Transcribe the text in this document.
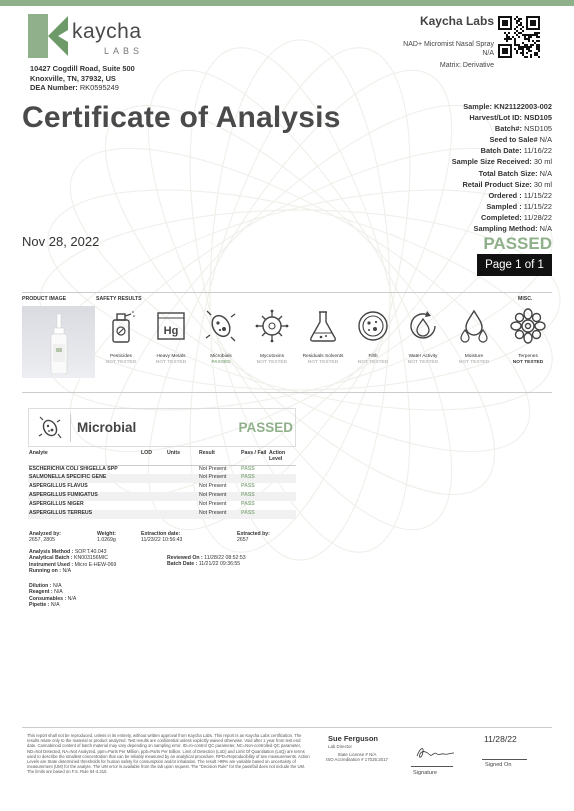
kaycha
LABS
10427 Cogdill Road, Suite 500
Knoxville, TN, 37932, US
DEA Number: RK0595249
Kaycha Labs
NAD+ Micromist Nasal Spray
N/A
Matrix: Derivative
Certificate of Analysis	Sample: KN21122003-002
Harvest/Lot ID: NSD105
Batch#: NSD105
Seed to Sale# N/A
Batch Date: 11/16/22
Sample Size Received: 30 ml
Total Batch Size: N/A
Retail Product Size: 30 ml
Ordered : 11/15/22
Sampled : 11/15/22
Completed: 11/28/22
Sampling Method: N/A
Nov 28, 2022	PASSED
Page 1 of 1
PRODUCT IMAGE	SAFETY RESULTS	MISC.
Pesticides
NOT TESTED
Hg
Heavy Metals
NOT TESTED
Microbials
PASSED
Mycotoxins
NOT TESTED
Residuals Solvents
NOT TESTED
Filth
NOT TESTED
Water Activity
NOT TESTED
Moisture
NOT TESTED
Terpenes
NOT TESTED
Microbial	PASSED
Analyte	LOD	Units	Result	Pass / Fail	Action Level
ESCHERICHIA COLI SHIGELLA SPP			Not Present	PASS	
SALMONELLA SPECIFIC GENE			Not Present	PASS	
ASPERGILLUS FLAVUS			Not Present	PASS	
ASPERGILLUS FUMIGATUS			Not Present	PASS	
ASPERGILLUS NIGER			Not Present	PASS	
ASPERGILLUS TERREUS			Not Present	PASS	
Analyzed by:
2657, 2805
Weight:
1.0269g
Extraction date:
11/23/22 10:56:43
Extracted by:
2657
Analysis Method : SOP.T.40.043
Analytical Batch : KN003156MIC
Instrument Used : Micro E-HEW-069
Running on : N/A
Reviewed On : 11/28/22 08:52:53
Batch Date : 11/21/22 09:36:55
Dilution : N/A
Reagent : N/A
Consumables : N/A
Pipette : N/A
This report shall not be reproduced, unless in its entirety, without written approval from Kaycha Labs. This report is an Kaycha Labs certification. The results relate only to the material or product analyzed. Test results are confidential unless explicitly waived otherwise. Void after 1 year from test end date. Cannabinoid content of batch material may vary depending on sampling error. ID=In-control QC parameter, NC=Non-controlled QC parameter, ND=Not Detected, NA=Not Analyzed, ppm=Parts Per Million, ppb=Parts Per Billion. Limit of Detection (LoD) and Limit Of Quantitation (LoQ) are terms used to describe the smallest concentration that can be reliably measured by an analytical procedure. RPD=Reproducibility of two measurements. Action Levels are State determined thresholds for human safety for consumption and/or inhalation. The result >99% are variable based on uncertainty of measurement (UM) for the analyte. The UM error is available from the lab upon request. The "Decision Rule" for the pass/fail does not include the UM. The limits are based on F.S. Rule 64-4.310.
Sue Ferguson
Lab Director
State License # N/A
ISO Accreditation # 17025:2017
Signature
11/28/22
Signed On
